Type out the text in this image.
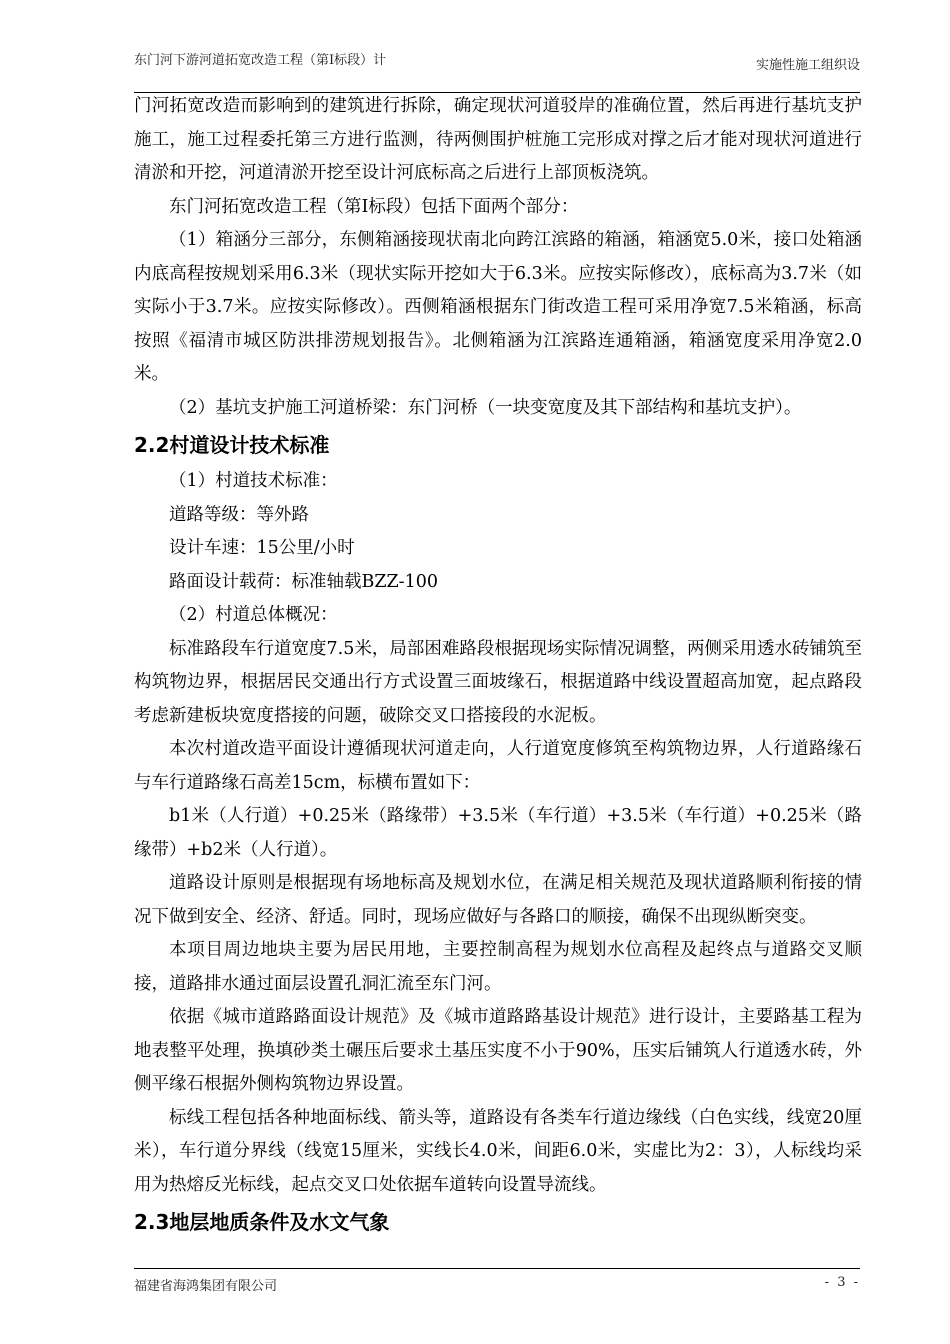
东门河下游河道拓宽改造工程（第Ⅰ标段）计	实施性施工组织设

门河拓宽改造而影响到的建筑进行拆除，确定现状河道驳岸的准确位置，然后再进行基坑支护施工，施工过程委托第三方进行监测，待两侧围护桩施工完形成对撑之后才能对现状河道进行清淤和开挖，河道清淤开挖至设计河底标高之后进行上部顶板浇筑。

东门河拓宽改造工程（第Ⅰ标段）包括下面两个部分：

（1）箱涵分三部分，东侧箱涵接现状南北向跨江滨路的箱涵，箱涵宽5.0米，接口处箱涵内底高程按规划采用6.3米（现状实际开挖如大于6.3米。应按实际修改），底标高为3.7米（如实际小于3.7米。应按实际修改）。西侧箱涵根据东门街改造工程可采用净宽7.5米箱涵，标高按照《福清市城区防洪排涝规划报告》。北侧箱涵为江滨路连通箱涵，箱涵宽度采用净宽2.0米。

（2）基坑支护施工河道桥梁：东门河桥（一块变宽度及其下部结构和基坑支护）。

2.2村道设计技术标准

（1）村道技术标准：

道路等级：等外路

设计车速：15公里/小时

路面设计载荷：标准轴载BZZ-100

（2）村道总体概况：

标准路段车行道宽度7.5米，局部困难路段根据现场实际情况调整，两侧采用透水砖铺筑至构筑物边界，根据居民交通出行方式设置三面坡缘石，根据道路中线设置超高加宽，起点路段考虑新建板块宽度搭接的问题，破除交叉口搭接段的水泥板。

本次村道改造平面设计遵循现状河道走向，人行道宽度修筑至构筑物边界，人行道路缘石与车行道路缘石高差15cm，标横布置如下：

b1米（人行道）+0.25米（路缘带）+3.5米（车行道）+3.5米（车行道）+0.25米（路缘带）+b2米（人行道）。

道路设计原则是根据现有场地标高及规划水位，在满足相关规范及现状道路顺利衔接的情况下做到安全、经济、舒适。同时，现场应做好与各路口的顺接，确保不出现纵断突变。

本项目周边地块主要为居民用地，主要控制高程为规划水位高程及起终点与道路交叉顺接，道路排水通过面层设置孔洞汇流至东门河。

依据《城市道路路面设计规范》及《城市道路路基设计规范》进行设计，主要路基工程为地表整平处理，换填砂类土碾压后要求土基压实度不小于90%，压实后铺筑人行道透水砖，外侧平缘石根据外侧构筑物边界设置。

标线工程包括各种地面标线、箭头等，道路设有各类车行道边缘线（白色实线，线宽20厘米），车行道分界线（线宽15厘米，实线长4.0米，间距6.0米，实虚比为2：3），人标线均采用为热熔反光标线，起点交叉口处依据车道转向设置导流线。

2.3地层地质条件及水文气象
福建省海鸿集团有限公司	- 3 -
